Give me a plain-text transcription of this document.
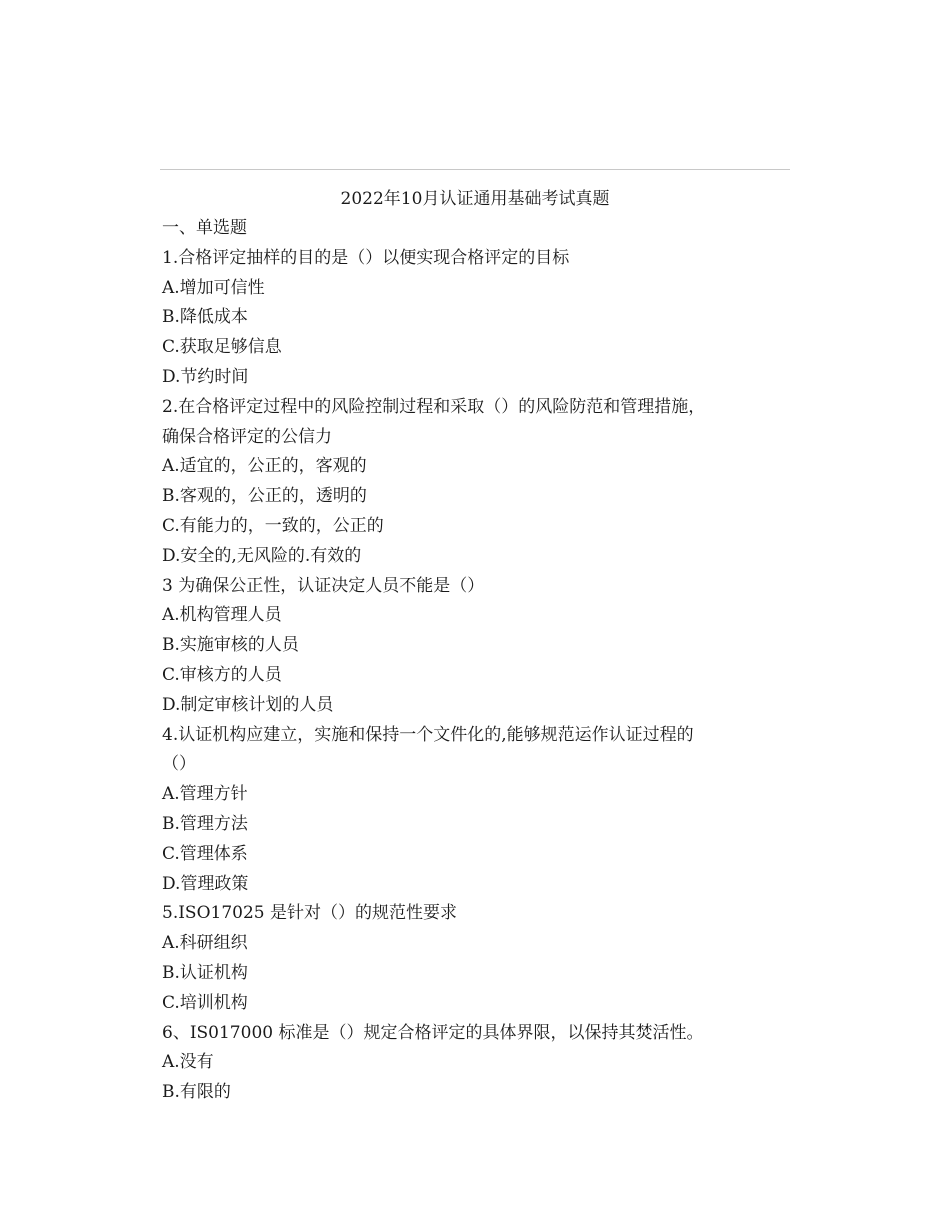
2022年10月认证通用基础考试真题
一、单选题
1.合格评定抽样的目的是（）以便实现合格评定的目标
A.增加可信性
B.降低成本
C.获取足够信息
D.节约时间
2.在合格评定过程中的风险控制过程和采取（）的风险防范和管理措施，
确保合格评定的公信力
A.适宜的，公正的，客观的
B.客观的，公正的，透明的
C.有能力的，一致的，公正的
D.安全的,无风险的.有效的
3 为确保公正性，认证决定人员不能是（）
A.机构管理人员
B.实施审核的人员
C.审核方的人员
D.制定审核计划的人员
4.认证机构应建立，实施和保持一个文件化的,能够规范运作认证过程的
（）
A.管理方针
B.管理方法
C.管理体系
D.管理政策
5.ISO17025 是针对（）的规范性要求
A.科研组织
B.认证机构
C.培训机构
6、IS017000 标准是（）规定合格评定的具体界限，以保持其焚活性。
A.没有
B.有限的
